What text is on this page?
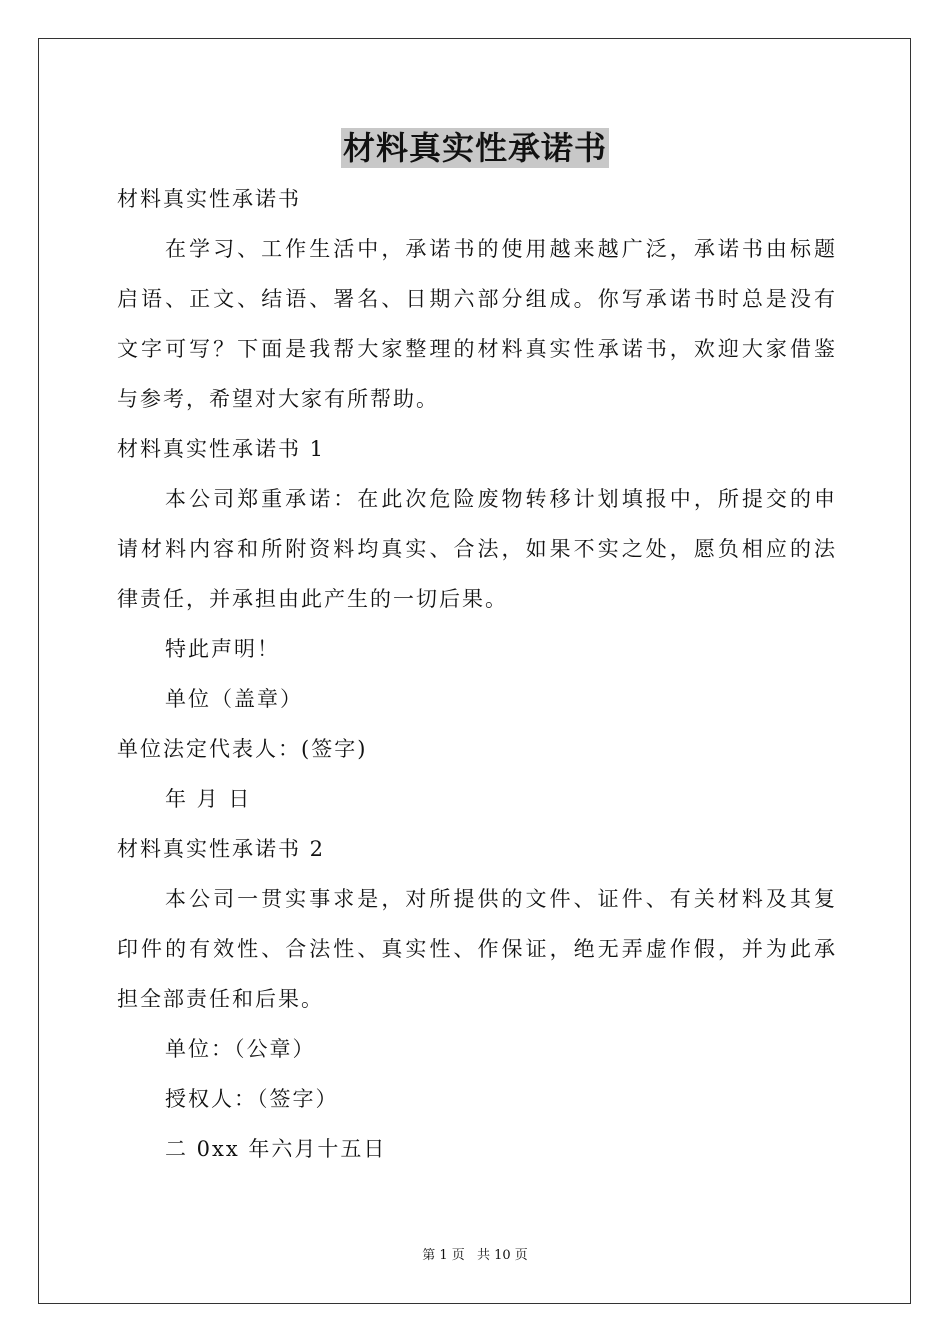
材料真实性承诺书
材料真实性承诺书
在学习、工作生活中，承诺书的使用越来越广泛，承诺书由标题
启语、正文、结语、署名、日期六部分组成。你写承诺书时总是没有
文字可写？下面是我帮大家整理的材料真实性承诺书，欢迎大家借鉴
与参考，希望对大家有所帮助。
材料真实性承诺书 1
本公司郑重承诺：在此次危险废物转移计划填报中，所提交的申
请材料内容和所附资料均真实、合法，如果不实之处，愿负相应的法
律责任，并承担由此产生的一切后果。
特此声明！
单位（盖章）
单位法定代表人：(签字)
年 月 日
材料真实性承诺书 2
本公司一贯实事求是，对所提供的文件、证件、有关材料及其复
印件的有效性、合法性、真实性、作保证，绝无弄虚作假，并为此承
担全部责任和后果。
单位：（公章）
授权人：（签字）
二 0xx 年六月十五日
第 1 页 共 10 页
